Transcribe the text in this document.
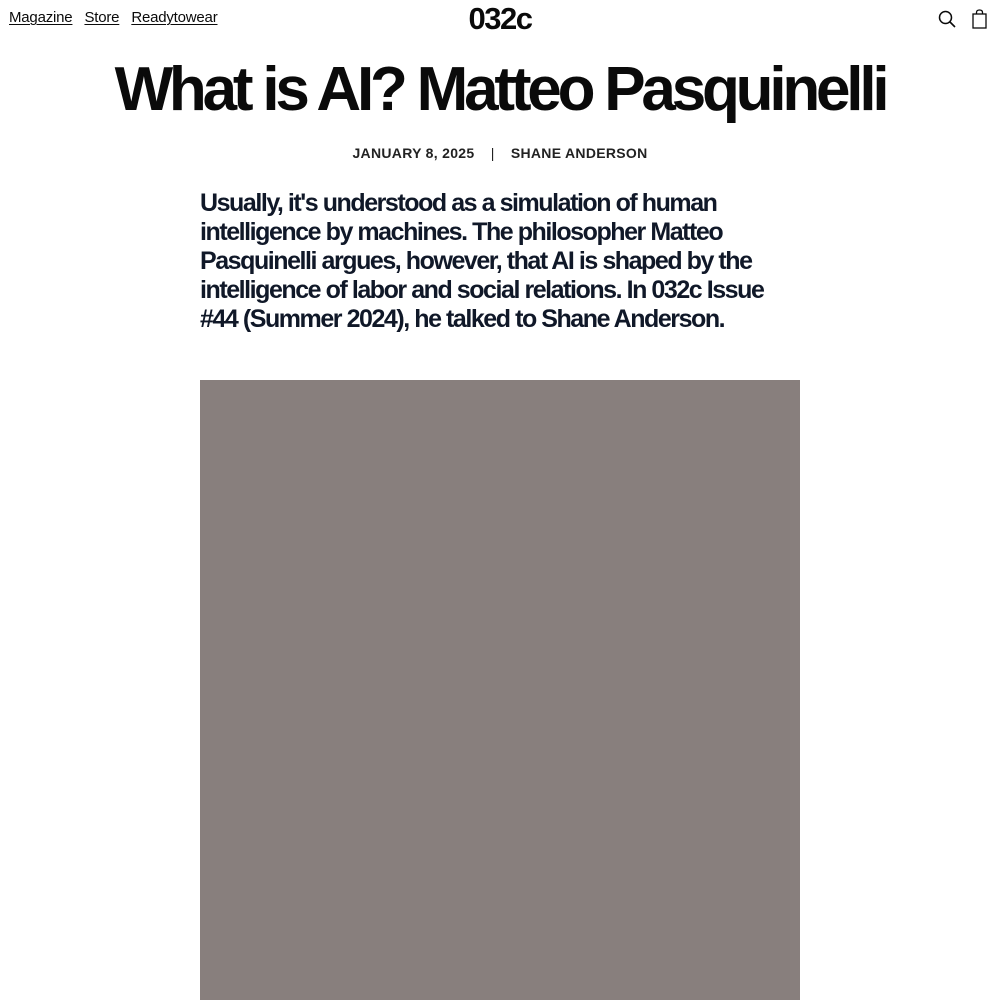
Magazine Store Readytowear	032c
What is AI? Matteo Pasquinelli
JANUARY 8, 2025 | SHANE ANDERSON

Usually, it's understood as a simulation of human intelligence by machines. The philosopher Matteo Pasquinelli argues, however, that AI is shaped by the intelligence of labor and social relations. In 032c Issue #44 (Summer 2024), he talked to Shane Anderson.
